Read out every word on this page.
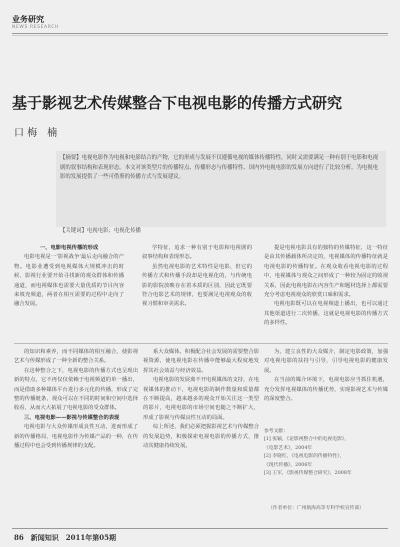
业务研究
NEWS RESEARCH
基于影视艺术传媒整合下电视电影的传播方式研究
口 梅　楠
【摘要】电视电影作为电视和电影结合的产物，它的形成与发展不仅遵循电视的媒体传播特性，同时又需要满足一种有别于电影和电视剧的叙事结构和表现形态。本文对该类型片的传播特点、传播形态与传播特性、国内外电视电影的发展方向进行了比较分析，为电视电影的发展提供了一些可借鉴的传播方式与发展建议。
【关键词】电视电影；电视化传播

一、电影电视传播的形成

电影电视是一'影视战争'最后走向融合的产物。电影业遭受到电视媒体大规模冲击的时候，影视行业要开始寻找新的观众群体和传播通道，而电视媒体也需要大量优质的节目内容来填充频道，两者在相互需要的过程中走向了融合发展。

学特征，追求一种有别于电影和电视剧的叙事结构和表现形态。

虽然电视电影的艺术特性是电影，但它的传播方式和传播手段却是电视化的，与传统电影的影院放映存在着本质的区别，因此它既要符合电影艺术的规律，也要满足电视观众的收视习惯和审美需求。

提是电视电影具有的独特的传媒特征，这一特征是由其传播载体所决定的，电视媒体的传播特征就是电视电影的传播特征。在观众收看电视电影的过程中，电视媒体与观众之间形成了一种较为固定的收视关系，因此电视电影在内容生产和题材选择上都需要充分考虑电视观众的欣赏口味和需求。

电视电影既可以在电视频道上播出，也可以通过其他渠道进行二次传播，这就是电视电影的传播方式的多样性。

的知识和素养，而不同媒体的相互融合，使影视艺术与传媒形成了一种全新的整合关系。

在这种整合之下，电视电影的传播方式也呈现出新的特点，它不再仅仅依赖于电视频道的单一播出，而是借助多种媒体平台进行多元化的传播，形成了完整的传播链条，观众可以在不同的时间和空间中选择收看，从而大大拓展了电视电影的受众群体。

三、电视电影——影视与传媒整合的表现

电视电影与大众传媒形成良性互动，进而形成了新的传播格局，电视电影作为传媒产品的一种，在传播过程中也会受到传播规律的支配。

系大众媒体，积极配合社会发展的需要整合影视资源，使电视电影在传播中能够最大程度地发挥其社会效益与经济效益。

电视电影的发展离不开电视媒体的支持，在电视媒体的推动下，电视电影的制作数量和质量都在不断提高，越来越多的观众开始关注这一类型的影片，电视电影的市场空间也随之不断扩大，形成了影视与传媒良性互动的局面。

综上所述，我们必须把握影视艺术与传媒整合的发展趋势，积极探索电视电影的传播方式，推动其健康持续发展。

为，建立良性的大众媒介，制定电影政策，加强对电视电影的扶持与引导，引导电视电影的健康发展。

在当前的媒介环境下，电视电影应当抓住机遇，充分发挥电视媒体的传播优势，实现影视艺术与传媒的深度整合。

参考文献：
[1] 张颖，《论影视整合中的电视电影》，
《电影艺术》，2004年
[2] 李晓红，《电视电影的传播特性》，
《现代传播》，2006年
[3] 王军，《影视传媒整合研究》，2008年
（作者单位：广州航海高等专科学校宣传部）
86　新闻知识　2011年第05期
